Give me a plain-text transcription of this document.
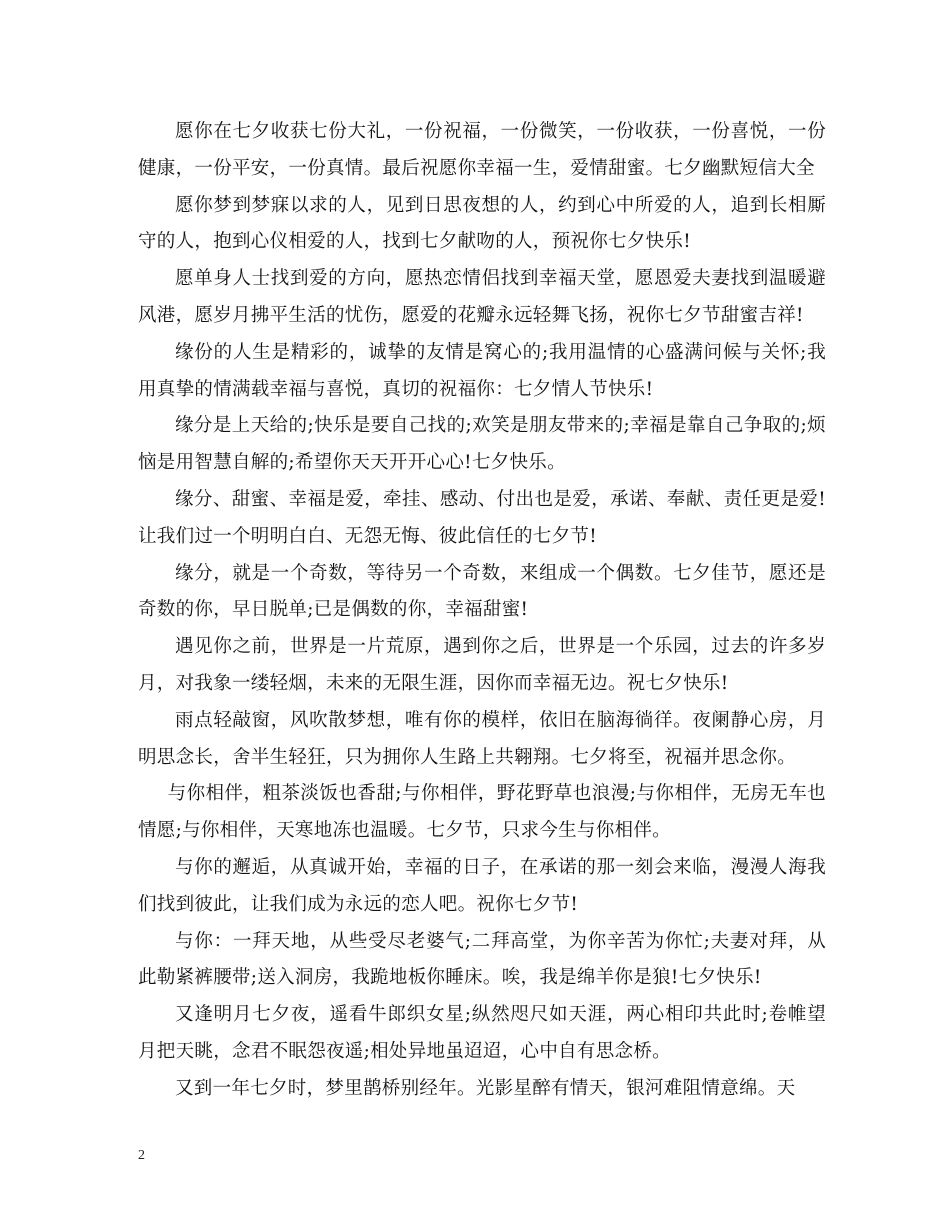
愿你在七夕收获七份大礼，一份祝福，一份微笑，一份收获，一份喜悦，一份健康，一份平安，一份真情。最后祝愿你幸福一生，爱情甜蜜。七夕幽默短信大全

愿你梦到梦寐以求的人，见到日思夜想的人，约到心中所爱的人，追到长相厮守的人，抱到心仪相爱的人，找到七夕献吻的人，预祝你七夕快乐!

愿单身人士找到爱的方向，愿热恋情侣找到幸福天堂，愿恩爱夫妻找到温暖避风港，愿岁月拂平生活的忧伤，愿爱的花瓣永远轻舞飞扬，祝你七夕节甜蜜吉祥!

缘份的人生是精彩的，诚挚的友情是窝心的;我用温情的心盛满问候与关怀;我用真挚的情满载幸福与喜悦，真切的祝福你：七夕情人节快乐!

缘分是上天给的;快乐是要自己找的;欢笑是朋友带来的;幸福是靠自己争取的;烦恼是用智慧自解的;希望你天天开开心心!七夕快乐。

缘分、甜蜜、幸福是爱，牵挂、感动、付出也是爱，承诺、奉献、责任更是爱!让我们过一个明明白白、无怨无悔、彼此信任的七夕节!

缘分，就是一个奇数，等待另一个奇数，来组成一个偶数。七夕佳节，愿还是奇数的你，早日脱单;已是偶数的你，幸福甜蜜!

遇见你之前，世界是一片荒原，遇到你之后，世界是一个乐园，过去的许多岁月，对我象一缕轻烟，未来的无限生涯，因你而幸福无边。祝七夕快乐!

雨点轻敲窗，风吹散梦想，唯有你的模样，依旧在脑海徜徉。夜阑静心房，月明思念长，舍半生轻狂，只为拥你人生路上共翱翔。七夕将至，祝福并思念你。

与你相伴，粗茶淡饭也香甜;与你相伴，野花野草也浪漫;与你相伴，无房无车也情愿;与你相伴，天寒地冻也温暖。七夕节，只求今生与你相伴。

与你的邂逅，从真诚开始，幸福的日子，在承诺的那一刻会来临，漫漫人海我们找到彼此，让我们成为永远的恋人吧。祝你七夕节!

与你：一拜天地，从些受尽老婆气;二拜高堂，为你辛苦为你忙;夫妻对拜，从此勒紧裤腰带;送入洞房，我跪地板你睡床。唉，我是绵羊你是狼!七夕快乐!

又逢明月七夕夜，遥看牛郎织女星;纵然咫尺如天涯，两心相印共此时;卷帷望月把天眺，念君不眠怨夜遥;相处异地虽迢迢，心中自有思念桥。

又到一年七夕时，梦里鹊桥别经年。光影星醉有情天，银河难阻情意绵。天

2
